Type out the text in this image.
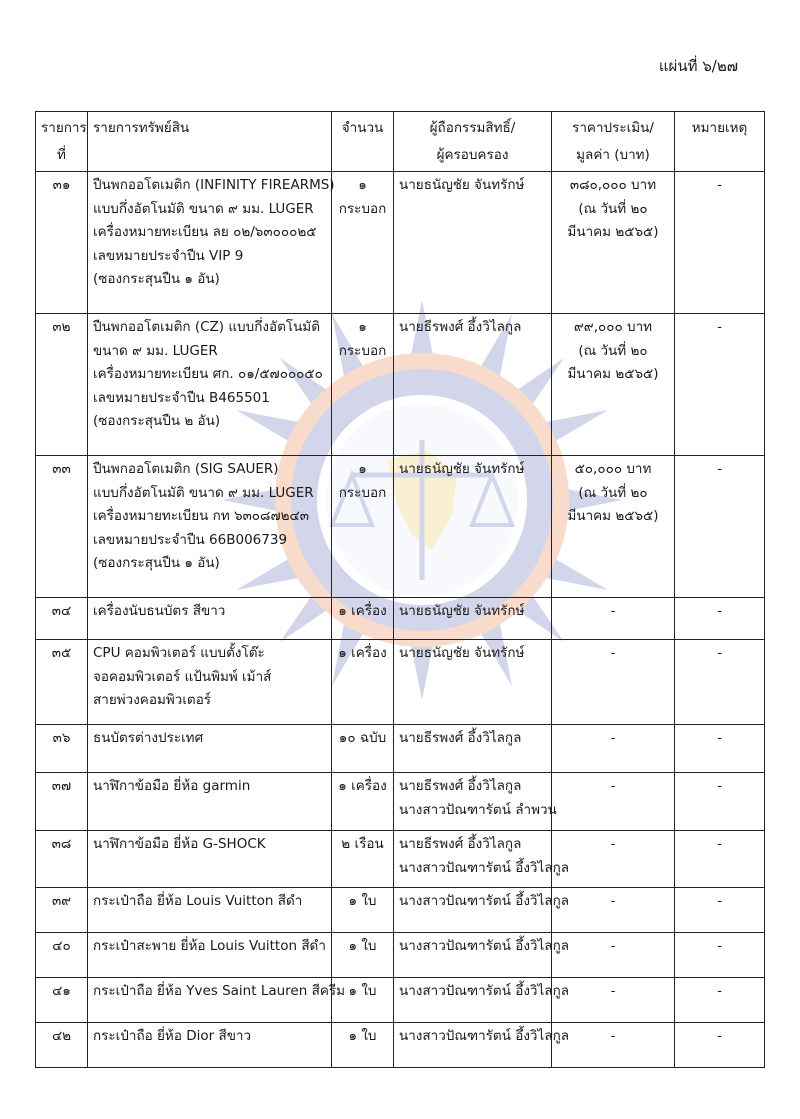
แผ่นที่ ๖/๒๗
รายการที่	รายการทรัพย์สิน	จำนวน	ผู้ถือกรรมสิทธิ์/
ผู้ครอบครอง	ราคาประเมิน/
มูลค่า (บาท)	หมายเหตุ
๓๑	ปืนพกออโตเมติก (INFINITY FIREARMS)
แบบกึ่งอัตโนมัติ ขนาด ๙ มม. LUGER
เครื่องหมายทะเบียน ลย ๐๒/๖๓๐๐๐๒๕
เลขหมายประจำปืน VIP 9
(ซองกระสุนปืน ๑ อัน)	๑
กระบอก	นายธนัญชัย จันทรักษ์	๓๘๐,๐๐๐ บาท
(ณ วันที่ ๒๐
มีนาคม ๒๕๖๕)	-
๓๒	ปืนพกออโตเมติก (CZ) แบบกึ่งอัตโนมัติ
ขนาด ๙ มม. LUGER
เครื่องหมายทะเบียน ศก. ๐๑/๕๗๐๐๐๕๐
เลขหมายประจำปืน B465501
(ซองกระสุนปืน ๒ อัน)	๑
กระบอก	นายธีรพงศ์ อึ้งวิไลกูล	๙๙,๐๐๐ บาท
(ณ วันที่ ๒๐
มีนาคม ๒๕๖๕)	-
๓๓	ปืนพกออโตเมติก (SIG SAUER)
แบบกึ่งอัตโนมัติ ขนาด ๙ มม. LUGER
เครื่องหมายทะเบียน กท ๖๓๐๘๗๒๔๓
เลขหมายประจำปืน 66B006739
(ซองกระสุนปืน ๑ อัน)	๑
กระบอก	นายธนัญชัย จันทรักษ์	๕๐,๐๐๐ บาท
(ณ วันที่ ๒๐
มีนาคม ๒๕๖๕)	-
๓๔	เครื่องนับธนบัตร สีขาว	๑ เครื่อง	นายธนัญชัย จันทรักษ์	-	-
๓๕	CPU คอมพิวเตอร์ แบบตั้งโต๊ะ
จอคอมพิวเตอร์ แป้นพิมพ์ เม้าส์
สายพ่วงคอมพิวเตอร์	๑ เครื่อง	นายธนัญชัย จันทรักษ์	-	-
๓๖	ธนบัตรต่างประเทศ	๑๐ ฉบับ	นายธีรพงศ์ อึ้งวิไลกูล	-	-
๓๗	นาฬิกาข้อมือ ยี่ห้อ garmin	๑ เครื่อง	นายธีรพงศ์ อึ้งวิไลกูล
นางสาวปัณฑารัตน์ ลำพวน	-	-
๓๘	นาฬิกาข้อมือ ยี่ห้อ G-SHOCK	๒ เรือน	นายธีรพงศ์ อึ้งวิไลกูล
นางสาวปัณฑารัตน์ อึ้งวิไลกูล	-	-
๓๙	กระเป๋าถือ ยี่ห้อ Louis Vuitton สีดำ	๑ ใบ	นางสาวปัณฑารัตน์ อึ้งวิไลกูล	-	-
๔๐	กระเป๋าสะพาย ยี่ห้อ Louis Vuitton สีดำ	๑ ใบ	นางสาวปัณฑารัตน์ อึ้งวิไลกูล	-	-
๔๑	กระเป๋าถือ ยี่ห้อ Yves Saint Lauren สีครีม	๑ ใบ	นางสาวปัณฑารัตน์ อึ้งวิไลกูล	-	-
๔๒	กระเป๋าถือ ยี่ห้อ Dior สีขาว	๑ ใบ	นางสาวปัณฑารัตน์ อึ้งวิไลกูล	-	-
